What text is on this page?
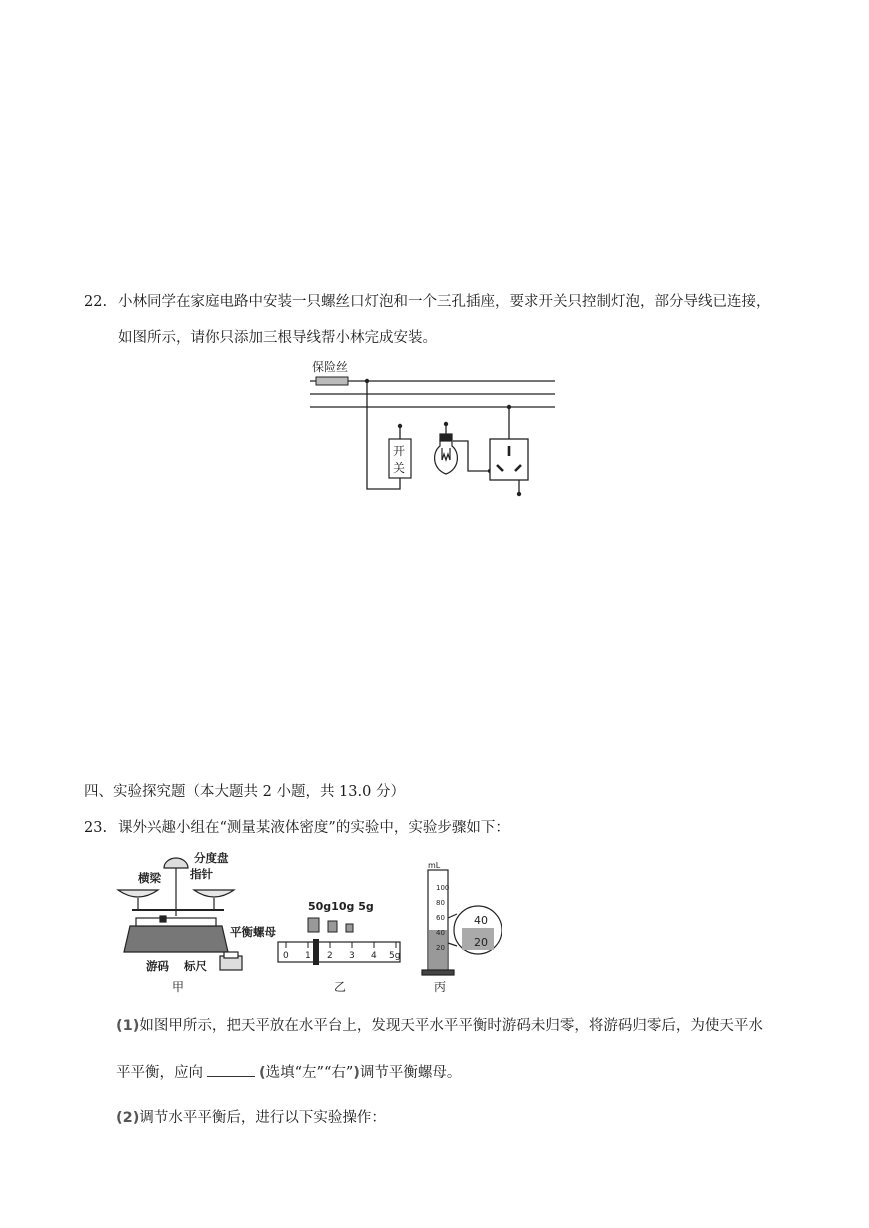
22. 小林同学在家庭电路中安装一只螺丝口灯泡和一个三孔插座，要求开关只控制灯泡，部分导线已连接，
如图所示，请你只添加三根导线帮小林完成安装。
保险丝
开
关
四、实验探究题（本大题共 2 小题，共 13.0 分）
23. 课外兴趣小组在“测量某液体密度”的实验中，实验步骤如下：
分度盘
横梁	指针
平衡螺母
游码 标尺
甲
50g10g 5g
0 1 2 3 4 5g
乙
mL
100
80
60
40
20
40
20
丙
(1)如图甲所示，把天平放在水平台上，发现天平水平平衡时游码未归零，将游码归零后，为使天平水
平平衡，应向	(选填“左”“右”)调节平衡螺母。
(2)调节水平平衡后，进行以下实验操作：
